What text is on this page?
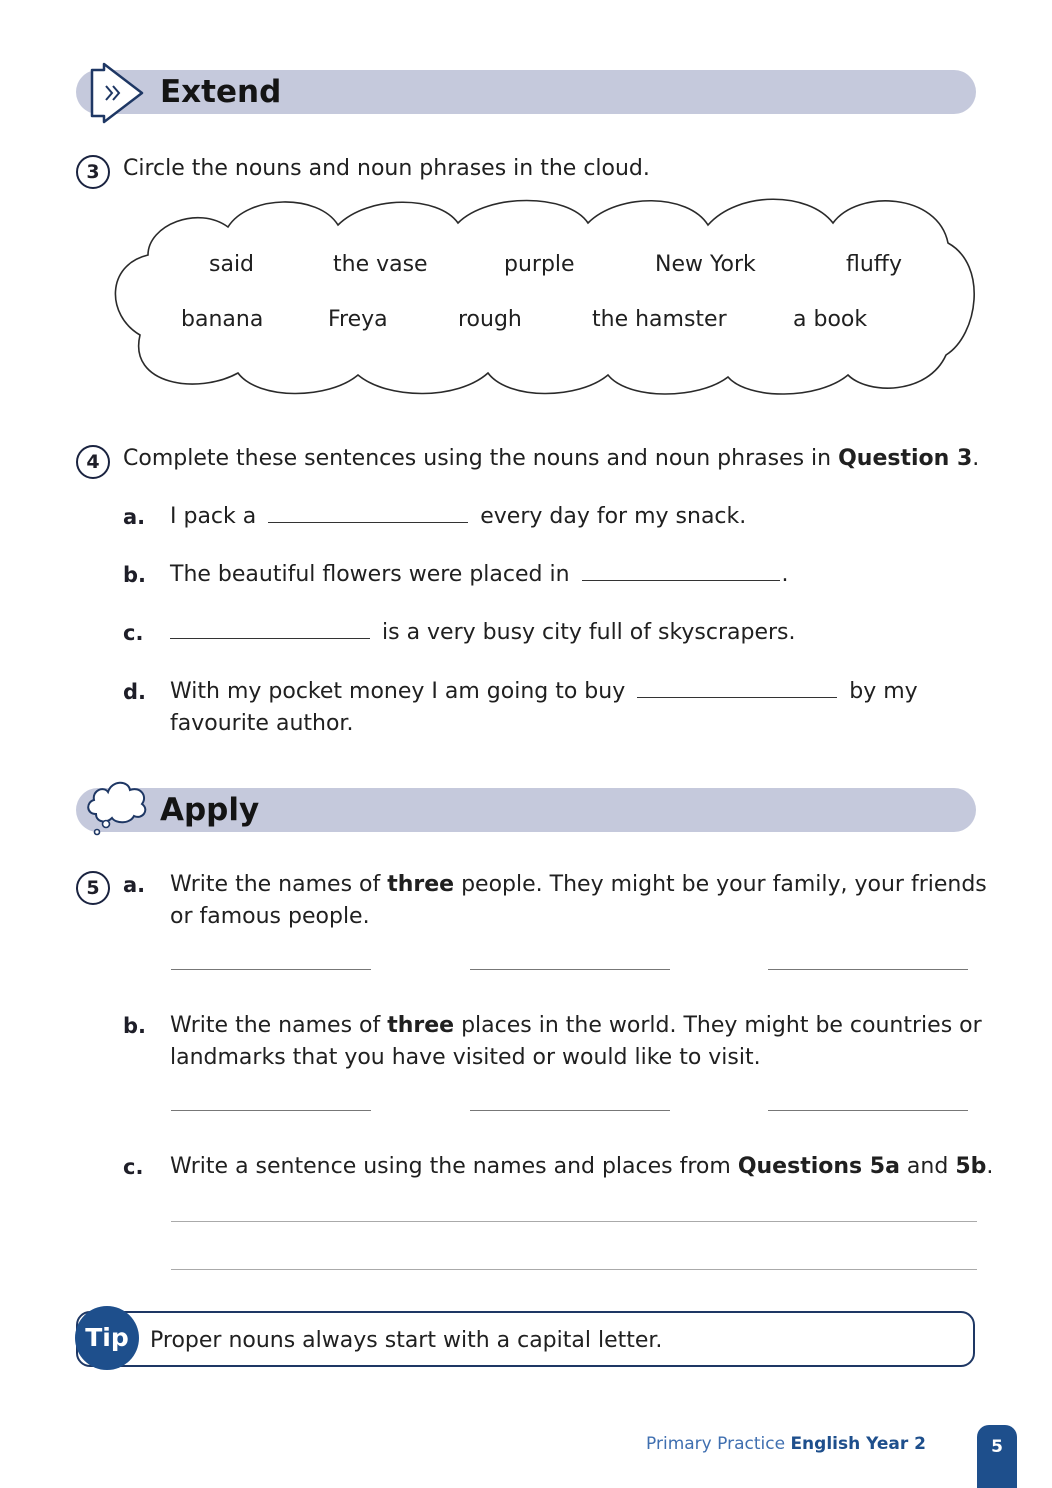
Extend
3	Circle the nouns and noun phrases in the cloud.
said	the vase	purple	New York	fluffy
banana	Freya	rough	the hamster	a book
4	Complete these sentences using the nouns and noun phrases in Question 3.
a. I pack a	every day for my snack.
b. The beautiful flowers were placed in	.
c.	is a very busy city full of skyscrapers.
d. With my pocket money I am going to buy	by my
favourite author.
Apply
5	a. Write the names of three people. They might be your family, your friends
or famous people.
b. Write the names of three places in the world. They might be countries or
landmarks that you have visited or would like to visit.
c. Write a sentence using the names and places from Questions 5a and 5b.
Tip Proper nouns always start with a capital letter.
Primary Practice English Year 2	5
